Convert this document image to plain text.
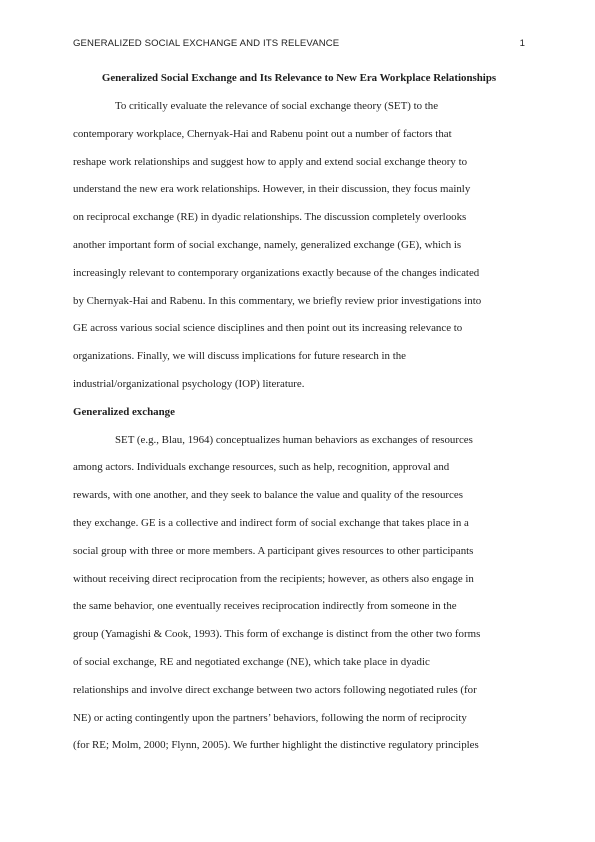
GENERALIZED SOCIAL EXCHANGE AND ITS RELEVANCE	1
Generalized Social Exchange and Its Relevance to New Era Workplace Relationships
To critically evaluate the relevance of social exchange theory (SET) to the
contemporary workplace, Chernyak-Hai and Rabenu point out a number of factors that
reshape work relationships and suggest how to apply and extend social exchange theory to
understand the new era work relationships. However, in their discussion, they focus mainly
on reciprocal exchange (RE) in dyadic relationships. The discussion completely overlooks
another important form of social exchange, namely, generalized exchange (GE), which is
increasingly relevant to contemporary organizations exactly because of the changes indicated
by Chernyak-Hai and Rabenu. In this commentary, we briefly review prior investigations into
GE across various social science disciplines and then point out its increasing relevance to
organizations. Finally, we will discuss implications for future research in the
industrial/organizational psychology (IOP) literature.
Generalized exchange
SET (e.g., Blau, 1964) conceptualizes human behaviors as exchanges of resources
among actors. Individuals exchange resources, such as help, recognition, approval and
rewards, with one another, and they seek to balance the value and quality of the resources
they exchange. GE is a collective and indirect form of social exchange that takes place in a
social group with three or more members. A participant gives resources to other participants
without receiving direct reciprocation from the recipients; however, as others also engage in
the same behavior, one eventually receives reciprocation indirectly from someone in the
group (Yamagishi & Cook, 1993). This form of exchange is distinct from the other two forms
of social exchange, RE and negotiated exchange (NE), which take place in dyadic
relationships and involve direct exchange between two actors following negotiated rules (for
NE) or acting contingently upon the partners’ behaviors, following the norm of reciprocity
(for RE; Molm, 2000; Flynn, 2005). We further highlight the distinctive regulatory principles
